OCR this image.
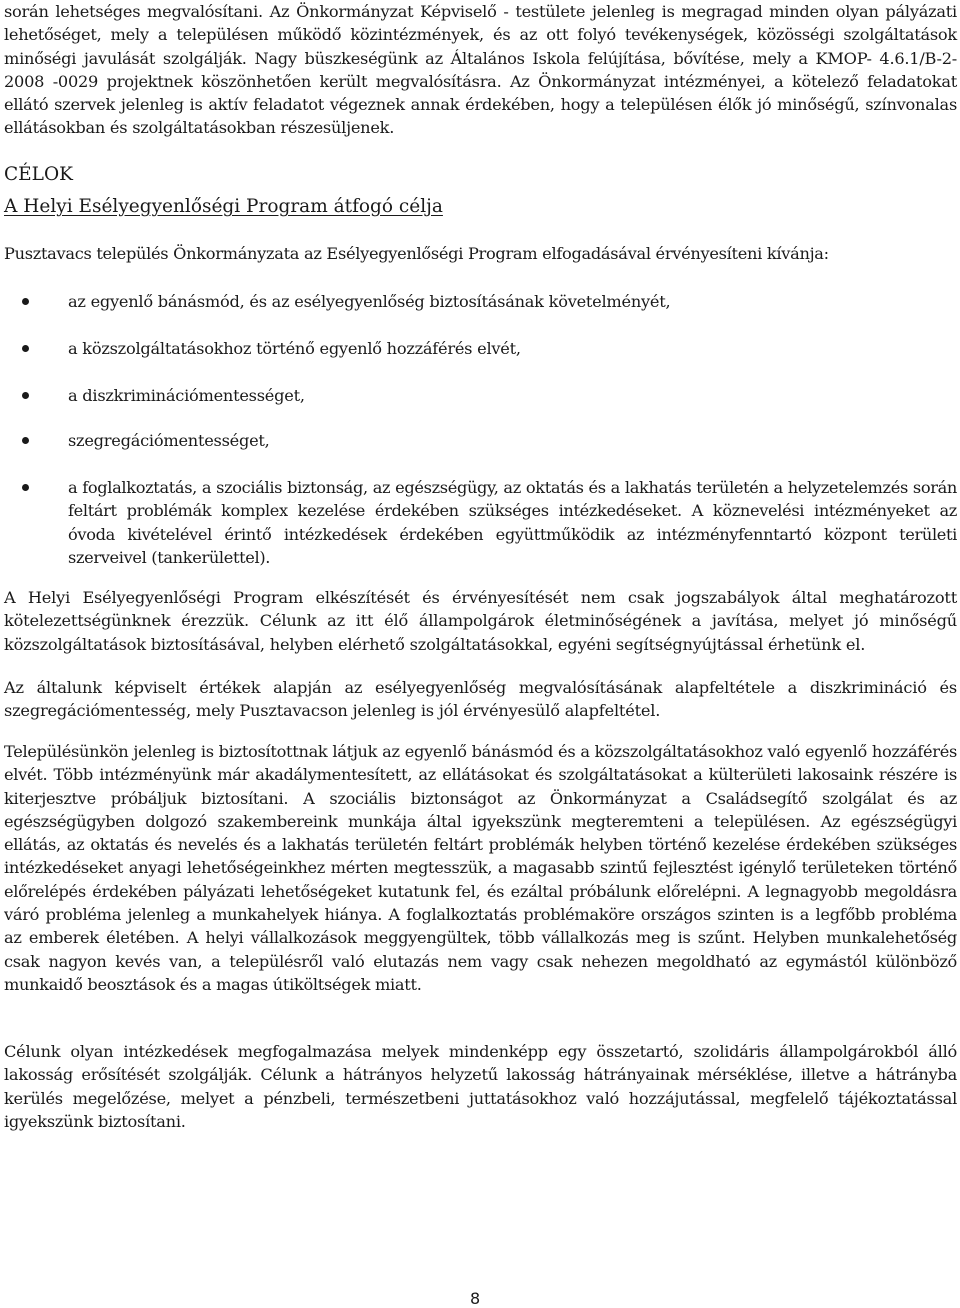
során lehetséges megvalósítani. Az Önkormányzat Képviselő - testülete jelenleg is megragad minden olyan pályázati lehetőséget, mely a településen működő közintézmények, és az ott folyó tevékenységek, közösségi szolgáltatások minőségi javulását szolgálják. Nagy büszkeségünk az Általános Iskola felújítása, bővítése, mely a KMOP- 4.6.1/B-2-2008 -0029 projektnek köszönhetően került megvalósításra. Az Önkormányzat intézményei, a kötelező feladatokat ellátó szervek jelenleg is aktív feladatot végeznek annak érdekében, hogy a településen élők jó minőségű, színvonalas ellátásokban és szolgáltatásokban részesüljenek.

CÉLOK
A Helyi Esélyegyenlőségi Program átfogó célja

Pusztavacs település Önkormányzata az Esélyegyenlőségi Program elfogadásával érvényesíteni kívánja:

az egyenlő bánásmód, és az esélyegyenlőség biztosításának követelményét,
a közszolgáltatásokhoz történő egyenlő hozzáférés elvét,
a diszkriminációmentességet,
szegregációmentességet,
a foglalkoztatás, a szociális biztonság, az egészségügy, az oktatás és a lakhatás területén a helyzetelemzés során feltárt problémák komplex kezelése érdekében szükséges intézkedéseket. A köznevelési intézményeket az óvoda kivételével érintő intézkedések érdekében együttműködik az intézményfenntartó központ területi szerveivel (tankerülettel).

A Helyi Esélyegyenlőségi Program elkészítését és érvényesítését nem csak jogszabályok által meghatározott kötelezettségünknek érezzük. Célunk az itt élő állampolgárok életminőségének a javítása, melyet jó minőségű közszolgáltatások biztosításával, helyben elérhető szolgáltatásokkal, egyéni segítségnyújtással érhetünk el.

Az általunk képviselt értékek alapján az esélyegyenlőség megvalósításának alapfeltétele a diszkrimináció és szegregációmentesség, mely Pusztavacson jelenleg is jól érvényesülő alapfeltétel.

Településünkön jelenleg is biztosítottnak látjuk az egyenlő bánásmód és a közszolgáltatásokhoz való egyenlő hozzáférés elvét. Több intézményünk már akadálymentesített, az ellátásokat és szolgáltatásokat a külterületi lakosaink részére is kiterjesztve próbáljuk biztosítani. A szociális biztonságot az Önkormányzat a Családsegítő szolgálat és az egészségügyben dolgozó szakembereink munkája által igyekszünk megteremteni a településen. Az egészségügyi ellátás, az oktatás és nevelés és a lakhatás területén feltárt problémák helyben történő kezelése érdekében szükséges intézkedéseket anyagi lehetőségeinkhez mérten megtesszük, a magasabb szintű fejlesztést igénylő területeken történő előrelépés érdekében pályázati lehetőségeket kutatunk fel, és ezáltal próbálunk előrelépni. A legnagyobb megoldásra váró probléma jelenleg a munkahelyek hiánya. A foglalkoztatás problémaköre országos szinten is a legfőbb probléma az emberek életében. A helyi vállalkozások meggyengültek, több vállalkozás meg is szűnt. Helyben munkalehetőség csak nagyon kevés van, a településről való elutazás nem vagy csak nehezen megoldható az egymástól különböző munkaidő beosztások és a magas útiköltségek miatt.

Célunk olyan intézkedések megfogalmazása melyek mindenképp egy összetartó, szolidáris állampolgárokból álló lakosság erősítését szolgálják. Célunk a hátrányos helyzetű lakosság hátrányainak mérséklése, illetve a hátrányba kerülés megelőzése, melyet a pénzbeli, természetbeni juttatásokhoz való hozzájutással, megfelelő tájékoztatással igyekszünk biztosítani.

8
